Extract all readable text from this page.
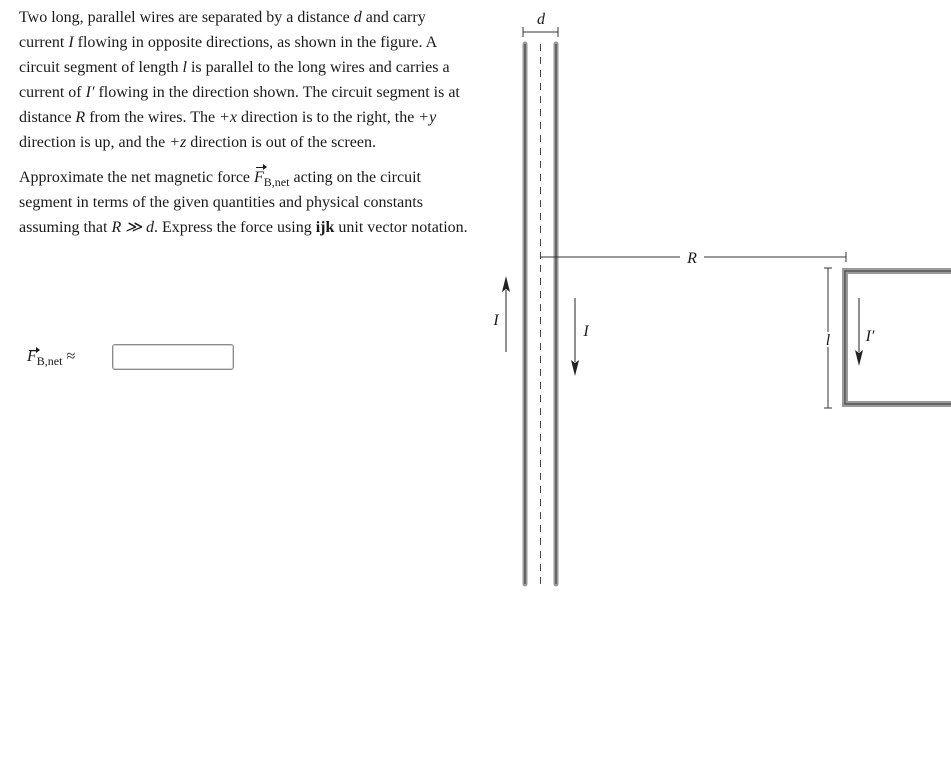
Two long, parallel wires are separated by a distance d and carry current I flowing in opposite directions, as shown in the figure. A circuit segment of length l is parallel to the long wires and carries a current of I′ flowing in the direction shown. The circuit segment is at distance R from the wires. The +x direction is to the right, the +y direction is up, and the +z direction is out of the screen.

Approximate the net magnetic force $F_{B,net}$ acting on the circuit segment in terms of the given quantities and physical constants assuming that R ≫ d. Express the force using ijk unit vector notation.

$F_{B,net}$ ≈
d
R
I
I
l I′
